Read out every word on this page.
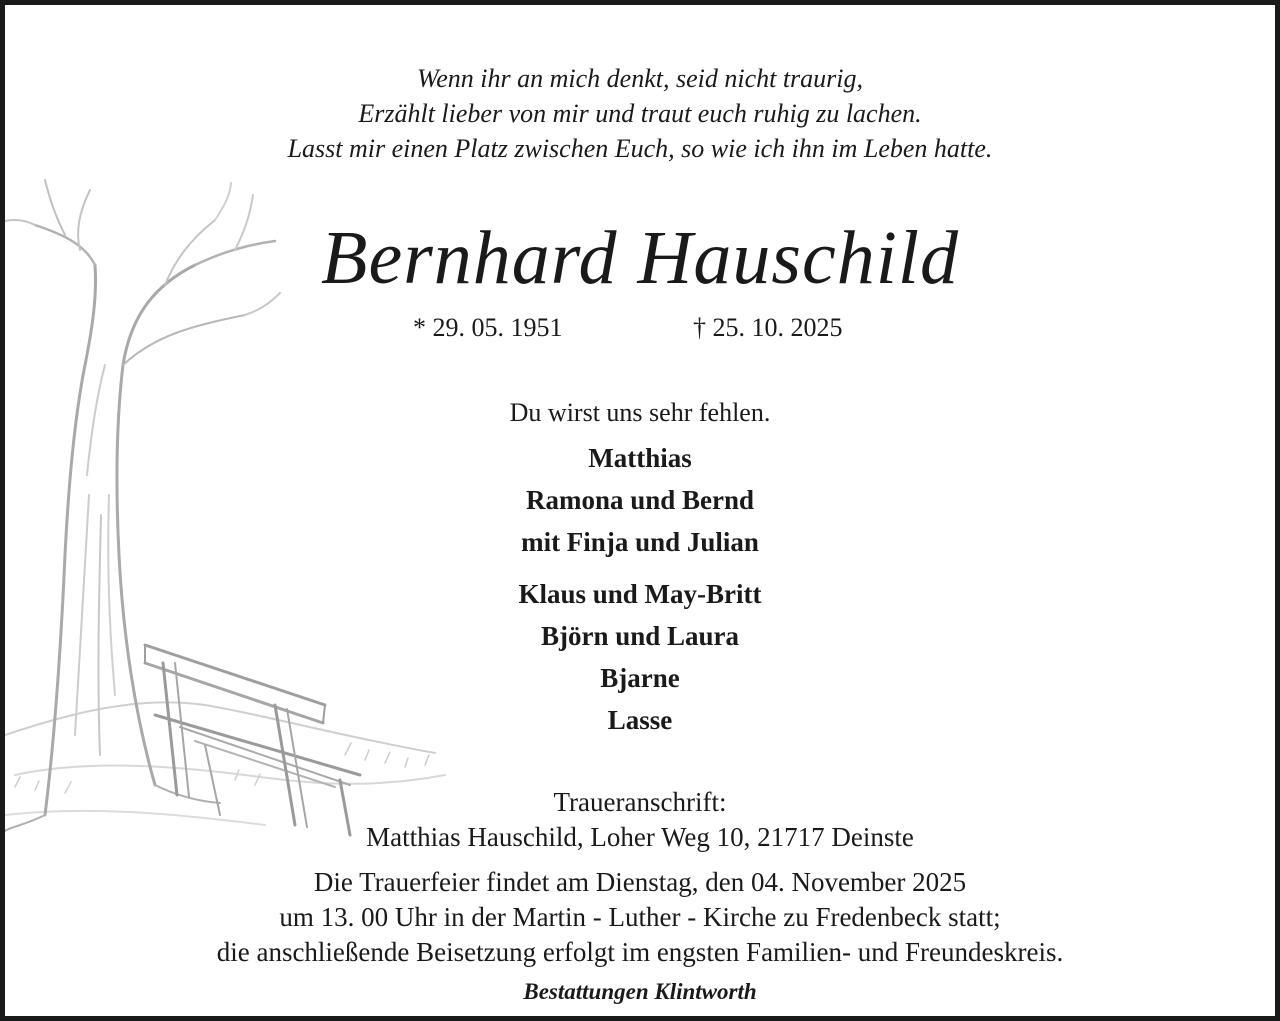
Wenn ihr an mich denkt, seid nicht traurig,
Erzählt lieber von mir und traut euch ruhig zu lachen.
Lasst mir einen Platz zwischen Euch, so wie ich ihn im Leben hatte.
Bernhard Hauschild
* 29. 05. 1951	† 25. 10. 2025
Du wirst uns sehr fehlen.
Matthias
Ramona und Bernd
mit Finja und Julian
Klaus und May-Britt
Björn und Laura
Bjarne
Lasse
Traueranschrift:
Matthias Hauschild, Loher Weg 10, 21717 Deinste
Die Trauerfeier findet am Dienstag, den 04. November 2025
um 13. 00 Uhr in der Martin - Luther - Kirche zu Fredenbeck statt;
die anschließende Beisetzung erfolgt im engsten Familien- und Freundeskreis.
Bestattungen Klintworth
